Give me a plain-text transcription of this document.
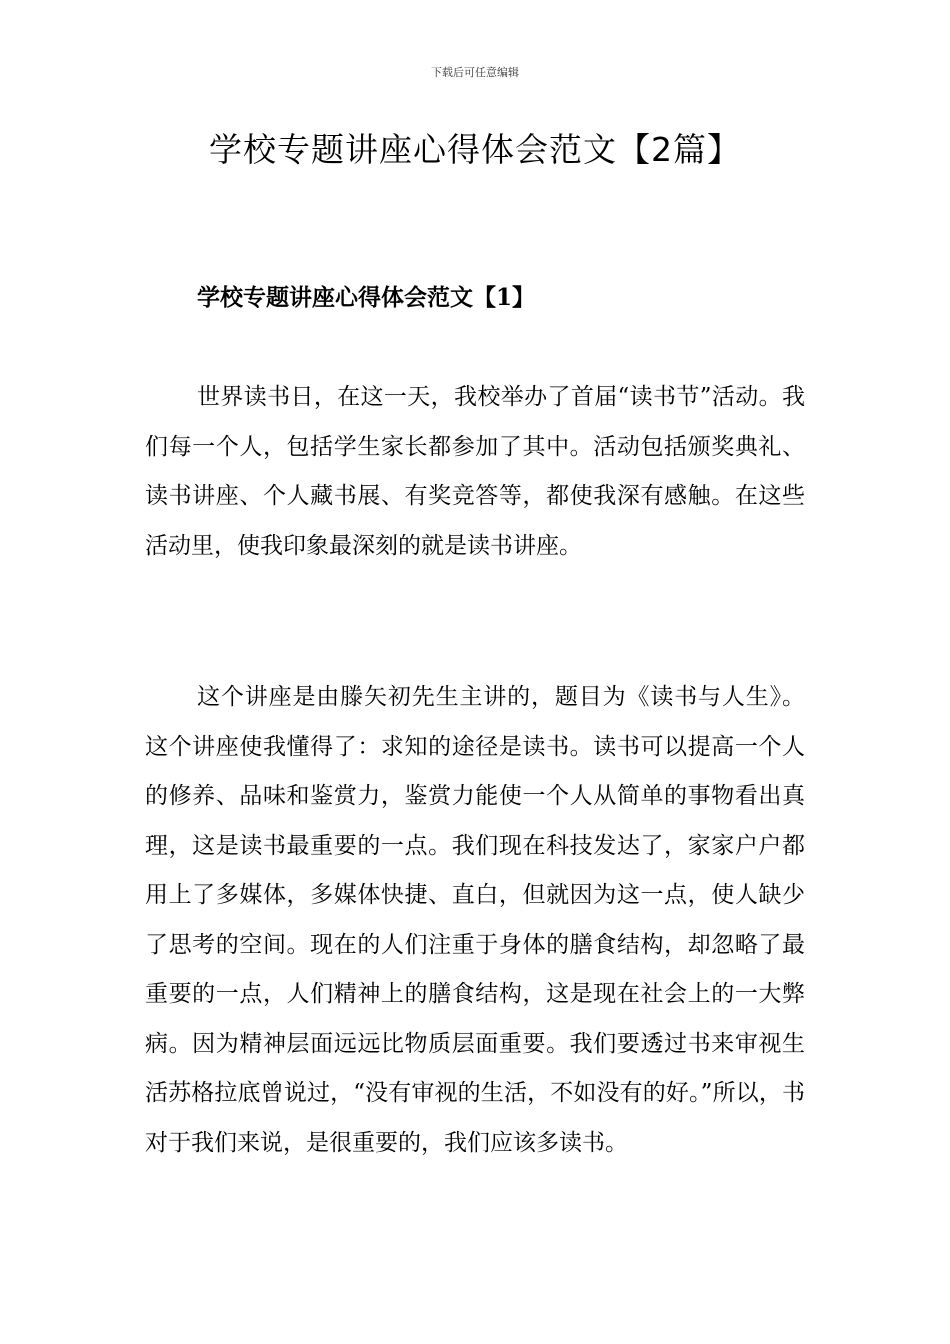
下载后可任意编辑
学校专题讲座心得体会范文【2篇】
学校专题讲座心得体会范文【1】

世界读书日，在这一天，我校举办了首届“读书节”活动。我们每一个人，包括学生家长都参加了其中。活动包括颁奖典礼、读书讲座、个人藏书展、有奖竞答等，都使我深有感触。在这些活动里，使我印象最深刻的就是读书讲座。

这个讲座是由滕矢初先生主讲的，题目为《读书与人生》。这个讲座使我懂得了：求知的途径是读书。读书可以提高一个人的修养、品味和鉴赏力，鉴赏力能使一个人从简单的事物看出真理，这是读书最重要的一点。我们现在科技发达了，家家户户都用上了多媒体，多媒体快捷、直白，但就因为这一点，使人缺少了思考的空间。现在的人们注重于身体的膳食结构，却忽略了最重要的一点，人们精神上的膳食结构，这是现在社会上的一大弊病。因为精神层面远远比物质层面重要。我们要透过书来审视生活苏格拉底曾说过，“没有审视的生活，不如没有的好。”所以，书对于我们来说，是很重要的，我们应该多读书。
